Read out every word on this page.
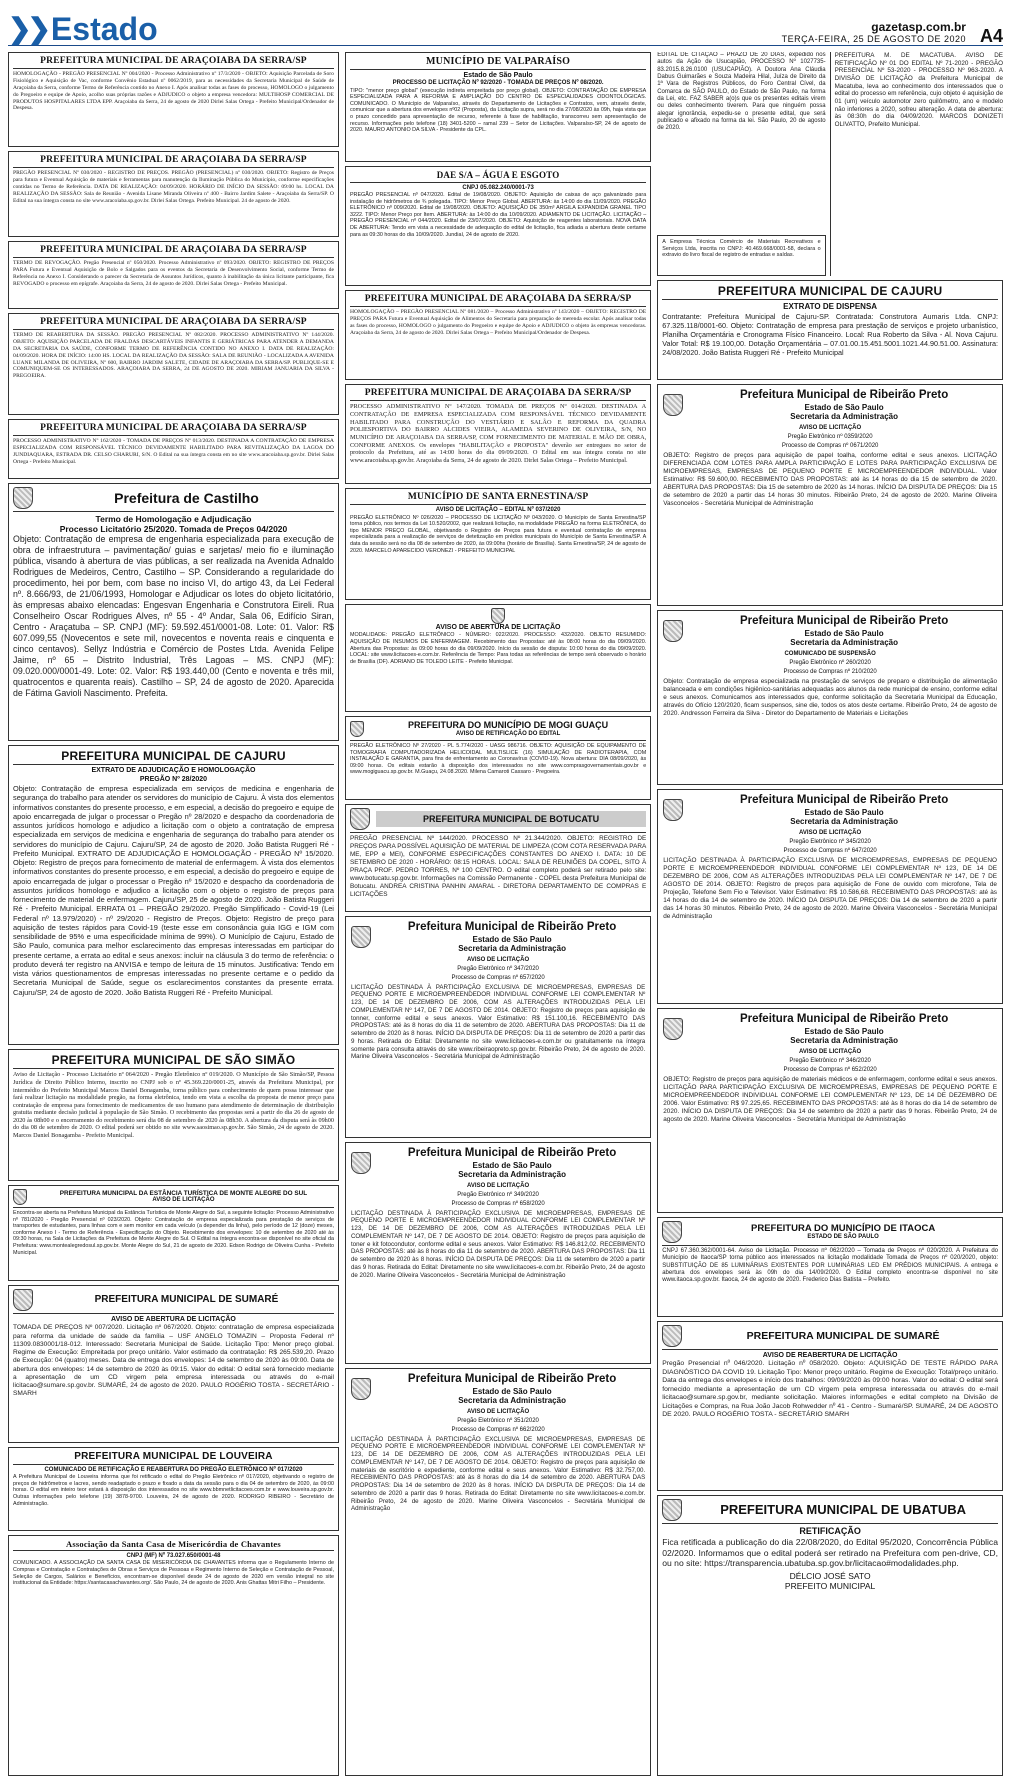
❯❯ Estado	gazetasp.com.br
TERÇA-FEIRA, 25 DE AGOSTO DE 2020 A4
PREFEITURA MUNICIPAL DE ARAÇOIABA DA SERRA/SP
HOMOLOGAÇÃO - PREGÃO PRESENCIAL Nº 004/2020 - Processo Administrativo nº 17/3/2020 - OBJETO: Aquisição Parcelada de Soro Fisiológico e Aquisição de Vac, conforme Convênio Estadual nº 0062/2019, para as necessidades da Secretaria Municipal de Saúde de Araçoiaba da Serra, conforme Termo de Referência contido no Anexo I. Após analisar todas as fases do processo, HOMOLOGO o julgamento do Pregoeiro e equipe de Apoio, acolho suas próprias razões e ADJUDICO o objeto a empresa vencedora: MULTIHOSP COMERCIAL DE PRODUTOS HOSPITALARES LTDA EPP. Araçoiaba da Serra, 24 de agosto de 2020 Dirlei Salas Ortega - Prefeito Municipal/Ordenador de Despesa.
PREFEITURA MUNICIPAL DE ARAÇOIABA DA SERRA/SP
PREGÃO PRESENCIAL Nº 030/2020 - REGISTRO DE PREÇOS. PREGÃO (PRESENCIAL) nº 030/2020. OBJETO: Registro de Preços para futura e Eventual Aquisição de materiais e ferramentas para manutenção da Iluminação Pública do Município, conforme especificações contidas no Termo de Referência. DATA DE REALIZAÇÃO: 04/09/2020. HORÁRIO DE INÍCIO DA SESSÃO: 09:00 hs. LOCAL DA REALIZAÇÃO DA SESSÃO: Sala de Reunião - Avenida Lisane Miranda Oliveira nº 400 - Bairro Jardim Salete - Araçoiaba da Serra/SP. O Edital na sua íntegra consta no site www.aracoiaba.sp.gov.br. Dirlei Salas Ortega. Prefeito Municipal. 24 de agosto de 2020.
PREFEITURA MUNICIPAL DE ARAÇOIABA DA SERRA/SP
TERMO DE REVOGAÇÃO. Pregão Presencial nº 050/2020. Processo Administrativo nº 093/2020. OBJETO: REGISTRO DE PREÇOS PARA Futura e Eventual Aquisição de Bolo e Salgados para os eventos da Secretaria de Desenvolvimento Social, conforme Termo de Referência no Anexo I. Considerando o parecer da Secretaria de Assuntos Jurídicos, quanto à inabilitação da única licitante participante, fica REVOGADO o processo em epígrafe. Araçoiaba da Serra, 24 de agosto de 2020. Dirlei Salas Ortega - Prefeito Municipal.
PREFEITURA MUNICIPAL DE ARAÇOIABA DA SERRA/SP
TERMO DE REABERTURA DA SESSÃO. PREGÃO PRESENCIAL Nº 082/2020. PROCESSO ADMINISTRATIVO Nº 144/2020. OBJETO: AQUISIÇÃO PARCELADA DE FRALDAS DESCARTÁVEIS INFANTIS E GERIÁTRICAS PARA ATENDER A DEMANDA DA SECRETARIA DA SAÚDE, CONFORME TERMO DE REFERÊNCIA CONTIDO NO ANEXO I. DATA DE REALIZAÇÃO: 04/09/2020. HORA DE INÍCIO: 14:00 HS. LOCAL DA REALIZAÇÃO DA SESSÃO: SALA DE REUNIÃO - LOCALIZADA A AVENIDA LUANE MILANDA DE OLIVEIRA, Nº 600, BAIRRO JARDIM SALETE, CIDADE DE ARAÇOIABA DA SERRA/SP. PUBLIQUE-SE E COMUNIQUEM-SE OS INTERESSADOS. ARAÇOIABA DA SERRA, 24 DE AGOSTO DE 2020. MIRIAM JANUARIA DA SILVA - PREGOEIRA.
PREFEITURA MUNICIPAL DE ARAÇOIABA DA SERRA/SP
PROCESSO ADMINISTRATIVO Nº 162/2020 - TOMADA DE PREÇOS Nº 013/2020. DESTINADA A CONTRATAÇÃO DE EMPRESA ESPECIALIZADA COM RESPONSÁVEL TÉCNICO DEVIDAMENTE HABILITADO PARA REVITALIZAÇÃO DA LAGOA DO JUNDIAQUARA, ESTRADA DR. CELSO CHARURI, S/N. O Edital na sua íntegra consta em no site www.aracoiaba.sp.gov.br. Dirlei Salas Ortega - Prefeito Municipal.
Prefeitura de Castilho
Termo de Homologação e Adjudicação
Processo Licitatório 25/2020. Tomada de Preços 04/2020
Objeto: Contratação de empresa de engenharia especializada para execução de obra de infraestrutura – pavimentação/ guias e sarjetas/ meio fio e iluminação pública, visando à abertura de vias públicas, a ser realizada na Avenida Adnaldo Rodrigues de Medeiros, Centro, Castilho – SP. Considerando a regularidade do procedimento, hei por bem, com base no inciso VI, do artigo 43, da Lei Federal nº. 8.666/93, de 21/06/1993, Homologar e Adjudicar os lotes do objeto licitatório, às empresas abaixo elencadas: Engesvan Engenharia e Construtora Eireli. Rua Conselheiro Oscar Rodrigues Alves, nº 55 - 4º Andar, Sala 06, Edifício Siran, Centro - Araçatuba – SP. CNPJ (MF): 59.592.451/0001-08. Lote: 01. Valor: R$ 607.099,55 (Novecentos e sete mil, novecentos e noventa reais e cinquenta e cinco centavos). Sellyz Indústria e Comércio de Postes Ltda. Avenida Felipe Jaime, nº 65 – Distrito Industrial, Três Lagoas – MS. CNPJ (MF): 09.020.000/0001-49. Lote: 02. Valor: R$ 193.440,00 (Cento e noventa e três mil, quatrocentos e quarenta reais). Castilho – SP, 24 de agosto de 2020. Aparecida de Fátima Gavioli Nascimento. Prefeita.
PREFEITURA MUNICIPAL DE CAJURU
EXTRATO DE ADJUDICAÇÃO E HOMOLOGAÇÃO
PREGÃO Nº 28/2020
Objeto: Contratação de empresa especializada em serviços de medicina e engenharia de segurança do trabalho para atender os servidores do município de Cajuru. À vista dos elementos informativos constantes do presente processo, e em especial, a decisão do pregoeiro e equipe de apoio encarregada de julgar o processar o Pregão nº 28/2020 e despacho da coordenadoria de assuntos jurídicos homologo e adjudico a licitação com o objeto a contratação de empresa especializada em serviços de medicina e engenharia de segurança do trabalho para atender os servidores do município de Cajuru. Cajuru/SP, 24 de agosto de 2020. João Batista Ruggeri Ré - Prefeito Municipal. EXTRATO DE ADJUDICAÇÃO E HOMOLOGAÇÃO - PREGÃO Nº 15/2020. Objeto: Registro de preços para fornecimento de material de enfermagem. À vista dos elementos informativos constantes do presente processo, e em especial, a decisão do pregoeiro e equipe de apoio encarregada de julgar o processar o Pregão nº 15/2020 e despacho da coordenadoria de assuntos jurídicos homologo e adjudico a licitação com o objeto o registro de preços para fornecimento de material de enfermagem. Cajuru/SP, 25 de agosto de 2020. João Batista Ruggeri Ré - Prefeito Municipal. ERRATA 01 – PREGÃO 29/2020. Pregão Simplificado - Covid-19 (Lei Federal nº 13.979/2020) - nº 29/2020 - Registro de Preços. Objeto: Registro de preço para aquisição de testes rápidos para Covid-19 (teste esse em consonância guia IGG e IGM com sensibilidade de 95% e uma especificidade mínima de 99%). O Município de Cajuru, Estado de São Paulo, comunica para melhor esclarecimento das empresas interessadas em participar do presente certame, a errata ao edital e seus anexos: incluir na cláusula 3 do termo de referência: o produto deverá ter registro na ANVISA e tempo de leitura de 15 minutos. Justificativa: Tendo em vista vários questionamentos de empresas interessadas no presente certame e o pedido da Secretaria Municipal de Saúde, segue os esclarecimentos constantes da presente errata. Cajuru/SP, 24 de agosto de 2020. João Batista Ruggeri Ré - Prefeito Municipal.
PREFEITURA MUNICIPAL DE SÃO SIMÃO
Aviso de Licitação - Processo Licitatório nº 064/2020 - Pregão Eletrônico nº 019/2020. O Município de São Simão/SP, Pessoa Jurídica de Direito Público Interno, inscrito no CNPJ sob o nº 45.369.220/0001-25, através da Prefeitura Municipal, por intermédio do Prefeito Municipal Marcos Daniel Bonagamba, torna público para conhecimento de quem possa interessar que fará realizar licitação na modalidade pregão, na forma eletrônica, tendo em vista a escolha da proposta de menor preço para contratação de empresa para fornecimento de medicamentos de uso humano para atendimento de determinação de distribuição gratuita mediante decisão judicial à população de São Simão. O recebimento das propostas será a partir do dia 26 de agosto de 2020 às 08h00 e o encerramento do recebimento será dia 08 de setembro de 2020 às 08h30. A abertura da disputa será às 09h00 do dia 08 de setembro de 2020. O edital poderá ser obtido no site www.saosimao.sp.gov.br. São Simão, 24 de agosto de 2020. Marcos Daniel Bonagamba - Prefeito Municipal.
PREFEITURA MUNICIPAL DA ESTÂNCIA TURÍSTICA DE MONTE ALEGRE DO SUL
AVISO DE LICITAÇÃO
Encontra-se aberta na Prefeitura Municipal da Estância Turística de Monte Alegre do Sul, a seguinte licitação: Processo Administrativo nº 781/2020 - Pregão Presencial nº 023/2020. Objeto: Contratação de empresa especializada para prestação de serviços de transportes de estudantes, para linhas com e sem monitor em cada veículo (a depender da linha), pelo período de 12 (doze) meses, conforme Anexo I - Termo de Referência - Especificação do Objeto. Recebimento dos envelopes: 10 de setembro de 2020 até às 09:30 horas, na Sala de Licitações da Prefeitura de Monte Alegre do Sul. O Edital na íntegra encontra-se disponível no site oficial da Prefeitura: www.montealegredosul.sp.gov.br. Monte Alegre do Sul, 21 de agosto de 2020. Edson Rodrigo de Oliveira Cunha - Prefeito Municipal.
PREFEITURA MUNICIPAL DE SUMARÉ
AVISO DE ABERTURA DE LICITAÇÃO
TOMADA DE PREÇOS Nº 007/2020. Licitação nº 067/2020. Objeto: contratação de empresa especializada para reforma da unidade de saúde da família – USF ANGELO TOMAZIN – Proposta Federal nº 11309.0830001/18-012. Interessado: Secretaria Municipal de Saúde. Licitação Tipo: Menor preço global. Regime de Execução: Empreitada por preço unitário. Valor estimado da contratação: R$ 265.539,20. Prazo de Execução: 04 (quatro) meses. Data de entrega dos envelopes: 14 de setembro de 2020 às 09:00. Data de abertura dos envelopes: 14 de setembro de 2020 às 09:15. Valor do edital: O edital será fornecido mediante a apresentação de um CD virgem pela empresa interessada ou através do e-mail licitacao@sumare.sp.gov.br. SUMARÉ, 24 de agosto de 2020. PAULO ROGÉRIO TOSTA - SECRETÁRIO - SMARH
PREFEITURA MUNICIPAL DE LOUVEIRA
COMUNICADO DE RETIFICAÇÃO E REABERTURA DO PREGÃO ELETRÔNICO Nº 017/2020
A Prefeitura Municipal de Louveira informa que foi retificado o edital do Pregão Eletrônico nº 017/2020, objetivando o registro de preços de hidrômetros e lacres, sendo readaptado o prazo e fixado a data da sessão para o dia 04 de setembro de 2020, às 09:00 horas. O edital em inteiro teor estará à disposição dos interessados no site www.bbmnetlicitacoes.com.br e www.louveira.sp.gov.br. Outras informações pelo telefone (19) 3878-9700. Louveira, 24 de agosto de 2020. RODRIGO RIBEIRO - Secretário de Administração.
Associação da Santa Casa de Misericórdia de Chavantes
CNPJ (MF) Nº 73.027.650/0001-48
COMUNICADO. A ASSOCIAÇÃO DA SANTA CASA DE MISERICÓRDIA DE CHAVANTES informa que o Regulamento Interno de Compras e Contratação e Contratações de Obras e Serviços de Pessoas e Regimento Interno de Seleção e Contratação de Pessoal, Seleção de Cargos, Salários e Benefícios, encontram-se disponível desde 24 de agosto de 2020 em versão integral no site institucional da Entidade: https://santacasachavantes.org/. São Paulo, 24 de agosto de 2020. Anis Ghattas Mitri Filho – Presidente.
MUNICÍPIO DE VALPARAÍSO
Estado de São Paulo
PROCESSO DE LICITAÇÃO Nº 92/2020 - TOMADA DE PREÇOS Nº 08/2020.
TIPO: "menor preço global" (execução indireta empreitada por preço global). OBJETO: CONTRATAÇÃO DE EMPRESA ESPECIALIZADA PARA A REFORMA E AMPLIAÇÃO DO CENTRO DE ESPECIALIDADES ODONTOLÓGICAS. COMUNICADO. O Município de Valparaíso, através do Departamento de Licitações e Contratos, vem, através deste, comunicar que a abertura dos envelopes nº02 (Proposta), da Licitação supra, será no dia 27/08/2020 às 09h, haja vista que o prazo concedido para apresentação de recurso, referente à fase de habilitação, transcorreu sem apresentação de recurso. Informações pelo telefone (18) 3401-5200 – ramal 239 – Setor de Licitações. Valparaíso-SP, 24 de agosto de 2020. MAURO ANTONIO DA SILVA - Presidente da CPL.
DAE S/A – ÁGUA E ESGOTO
CNPJ 05.082.240/0001-73
PREGÃO PRESENCIAL nº 047/2020. Edital de 19/08/2020. OBJETO: Aquisição de caixas de aço galvanizado para instalação de hidrômetros de ¾ polegada. TIPO: Menor Preço Global. ABERTURA: às 14:00 do dia 11/09/2020. PREGÃO ELETRÔNICO nº 009/2020. Edital de 19/08/2020. OBJETO: AQUISIÇÃO DE 350m³ ARGILA EXPANDIDA GRANEL TIPO 3222. TIPO: Menor Preço por Item. ABERTURA: às 14:00 do dia 10/09/2020. ADIAMENTO DE LICITAÇÃO. LICITAÇÃO – PREGÃO PRESENCIAL nº 044/2020. Edital de 23/07/2020. OBJETO: Aquisição de reagentes laboratoriais. NOVA DATA DE ABERTURA: Tendo em vista a necessidade de adequação do edital de licitação, fica adiada a abertura deste certame para as 09:30 horas do dia 10/09/2020. Jundiaí, 24 de agosto de 2020.
PREFEITURA MUNICIPAL DE ARAÇOIABA DA SERRA/SP
HOMOLOGAÇÃO – PREGÃO PRESENCIAL Nº 081/2020 – Processo Administrativo nº 143/2020 – OBJETO: REGISTRO DE PREÇOS PARA Futura e Eventual Aquisição de Alimentos do Secretaria para preparação de merenda escolar. Após analisar todas as fases do processo, HOMOLOGO o julgamento do Pregoeiro e equipe de Apoio e ADJUDICO o objeto às empresas vencedoras. Araçoiaba da Serra, 24 de agosto de 2020. Dirlei Salas Ortega – Prefeito Municipal/Ordenador de Despesa.
PREFEITURA MUNICIPAL DE ARAÇOIABA DA SERRA/SP
PROCESSO ADMINISTRATIVO Nº 147/2020. TOMADA DE PREÇOS Nº 014/2020. DESTINADA A CONTRATAÇÃO DE EMPRESA ESPECIALIZADA COM RESPONSÁVEL TÉCNICO DEVIDAMENTE HABILITADO PARA CONSTRUÇÃO DO VESTIÁRIO E SALÃO E REFORMA DA QUADRA POLIESPORTIVA DO BAIRRO ALCIDES VIEIRA, ALAMEDA SEVERINO DE OLIVEIRA, S/N, NO MUNICÍPIO DE ARAÇOIABA DA SERRA/SP, COM FORNECIMENTO DE MATERIAL E MÃO DE OBRA, CONFORME ANEXOS. Os envelopes "HABILITAÇÃO e PROPOSTA" deverão ser entregues no setor de protocolo da Prefeitura, até as 14:00 horas do dia 09/09/2020. O Edital em sua íntegra consta no site www.aracoiaba.sp.gov.br. Araçoiaba da Serra, 24 de agosto de 2020. Dirlei Salas Ortega – Prefeito Municipal.
MUNICÍPIO DE SANTA ERNESTINA/SP
AVISO DE LICITAÇÃO – EDITAL Nº 037/2020
PREGÃO ELETRÔNICO Nº 026/2020 – PROCESSO DE LICITAÇÃO Nº 043/2020. O Município de Santa Ernestina/SP torna público, nos termos da Lei 10.520/2002, que realizará licitação, na modalidade PREGÃO na forma ELETRÔNICA, do tipo MENOR PREÇO GLOBAL, objetivando o Registro de Preços para futura e eventual contratação de empresa especializada para a realização de serviços de detetização em prédios municipais do Município de Santa Ernestina/SP. A data da sessão será no dia 08 de setembro de 2020, às 09:00hs (horário de Brasília). Santa Ernestina/SP, 24 de agosto de 2020. MARCELO APARECIDO VERONEZI - PREFEITO MUNICIPAL
AVISO DE ABERTURA DE LICITAÇÃO
MODALIDADE: PREGÃO ELETRÔNICO - NÚMERO: 022/2020. PROCESSO: 432/2020. OBJETO RESUMIDO: AQUISIÇÃO DE INSUMOS DE ENFERMAGEM. Recebimento das Propostas: até às 08:00 horas do dia 09/09/2020. Abertura das Propostas: às 09:00 horas do dia 09/09/2020. Início da sessão de disputa: 10:00 horas do dia 09/09/2020. LOCAL: site www.licitacoes-e.com.br. Referência de Tempo: Para todas as referências de tempo será observado o horário de Brasília (DF). ADRIANO DE TOLEDO LEITE - Prefeito Municipal.
PREFEITURA DO MUNICÍPIO DE MOGI GUAÇU
AVISO DE RETIFICAÇÃO DO EDITAL
PREGÃO ELETRÔNICO Nº 27/2020 - PL 5.774/2020 - UASG 986716. OBJETO: AQUISIÇÃO DE EQUIPAMENTO DE TOMOGRAFIA COMPUTADORIZADA HELICOIDAL MULTISLICE (16) SIMULAÇÃO DE RADIOTERAPIA, COM INSTALAÇÃO E GARANTIA, para fins de enfrentamento ao Coronavírus (COVID-19). Nova abertura: DIA 08/09/2020, às 09:00 horas. Os editais estarão à disposição dos interessados no site www.comprasgovernamentais.gov.br e www.mogiguacu.sp.gov.br. M.Guaçu, 24.08.2020. Milena Camaroti Cassaro - Pregoeira.
PREFEITURA MUNICIPAL DE BOTUCATU
PREGÃO PRESENCIAL Nº 144/2020. PROCESSO Nº 21.344/2020. OBJETO: REGISTRO DE PREÇOS PARA POSSÍVEL AQUISIÇÃO DE MATERIAL DE LIMPEZA (COM COTA RESERVADA PARA ME, EPP e MEI), CONFORME ESPECIFICAÇÕES CONSTANTES DO ANEXO I. DATA: 10 DE SETEMBRO DE 2020 - HORÁRIO: 08:15 HORAS. LOCAL: SALA DE REUNIÕES DA COPEL, SITO À PRAÇA PROF. PEDRO TORRES, Nº 100 CENTRO. O edital completo poderá ser retirado pelo site: www.botucatu.sp.gov.br. Informações na Comissão Permanente - COPEL desta Prefeitura Municipal de Botucatu. ANDREA CRISTINA PANHIN AMARAL - DIRETORA DEPARTAMENTO DE COMPRAS E LICITAÇÕES
Prefeitura Municipal de Ribeirão Preto
Estado de São Paulo
Secretaria da Administração
AVISO DE LICITAÇÃO
Pregão Eletrônico nº 347/2020
Processo de Compras nº 657/2020
LICITAÇÃO DESTINADA À PARTICIPAÇÃO EXCLUSIVA DE MICROEMPRESAS, EMPRESAS DE PEQUENO PORTE E MICROEMPREENDEDOR INDIVIDUAL CONFORME LEI COMPLEMENTAR Nº 123, DE 14 DE DEZEMBRO DE 2006, COM AS ALTERAÇÕES INTRODUZIDAS PELA LEI COMPLEMENTAR Nº 147, DE 7 DE AGOSTO DE 2014. OBJETO: Registro de preços para aquisição de tonner, conforme edital e seus anexos. Valor Estimativo: R$ 151.100,16. RECEBIMENTO DAS PROPOSTAS: até às 8 horas do dia 11 de setembro de 2020. ABERTURA DAS PROPOSTAS: Dia 11 de setembro de 2020 às 8 horas. INÍCIO DA DISPUTA DE PREÇOS: Dia 11 de setembro de 2020 a partir das 9 horas. Retirada do Edital: Diretamente no site www.licitacoes-e.com.br ou gratuitamente na íntegra somente para consulta através do site www.ribeiraopreto.sp.gov.br. Ribeirão Preto, 24 de agosto de 2020. Marine Oliveira Vasconcelos - Secretária Municipal de Administração
Prefeitura Municipal de Ribeirão Preto
Estado de São Paulo
Secretaria da Administração
AVISO DE LICITAÇÃO
Pregão Eletrônico nº 349/2020
Processo de Compras nº 658/2020
LICITAÇÃO DESTINADA À PARTICIPAÇÃO EXCLUSIVA DE MICROEMPRESAS, EMPRESAS DE PEQUENO PORTE E MICROEMPREENDEDOR INDIVIDUAL CONFORME LEI COMPLEMENTAR Nº 123, DE 14 DE DEZEMBRO DE 2006, COM AS ALTERAÇÕES INTRODUZIDAS PELA LEI COMPLEMENTAR Nº 147, DE 7 DE AGOSTO DE 2014. OBJETO: Registro de preços para aquisição de toner e kit fotocondutor, conforme edital e seus anexos. Valor Estimativo: R$ 146.812,02. RECEBIMENTO DAS PROPOSTAS: até às 8 horas do dia 11 de setembro de 2020. ABERTURA DAS PROPOSTAS: Dia 11 de setembro de 2020 às 8 horas. INÍCIO DA DISPUTA DE PREÇOS: Dia 11 de setembro de 2020 a partir das 9 horas. Retirada do Edital: Diretamente no site www.licitacoes-e.com.br. Ribeirão Preto, 24 de agosto de 2020. Marine Oliveira Vasconcelos - Secretária Municipal de Administração
Prefeitura Municipal de Ribeirão Preto
Estado de São Paulo
Secretaria da Administração
AVISO DE LICITAÇÃO
Pregão Eletrônico nº 351/2020
Processo de Compras nº 662/2020
LICITAÇÃO DESTINADA À PARTICIPAÇÃO EXCLUSIVA DE MICROEMPRESAS, EMPRESAS DE PEQUENO PORTE E MICROEMPREENDEDOR INDIVIDUAL CONFORME LEI COMPLEMENTAR Nº 123, DE 14 DE DEZEMBRO DE 2006, COM AS ALTERAÇÕES INTRODUZIDAS PELA LEI COMPLEMENTAR Nº 147, DE 7 DE AGOSTO DE 2014. OBJETO: Registro de preços para aquisição de materiais de escritório e expediente, conforme edital e seus anexos. Valor Estimativo: R$ 32.757,00. RECEBIMENTO DAS PROPOSTAS: até às 8 horas do dia 14 de setembro de 2020. ABERTURA DAS PROPOSTAS: Dia 14 de setembro de 2020 às 8 horas. INÍCIO DA DISPUTA DE PREÇOS: Dia 14 de setembro de 2020 a partir das 9 horas. Retirada do Edital: Diretamente no site www.licitacoes-e.com.br. Ribeirão Preto, 24 de agosto de 2020. Marine Oliveira Vasconcelos - Secretária Municipal de Administração
EDITAL DE CITAÇÃO – PRAZO DE 20 DIAS, expedido nos autos da Ação de Usucapião, PROCESSO Nº 1027735-83.2015.8.26.0100 (USUCAPIÃO). A Doutora Ana Cláudia Dabus Guimarães e Souza Madeira Hilal, Juíza de Direito da 1ª Vara de Registros Públicos, do Foro Central Cível, da Comarca de SÃO PAULO, do Estado de São Paulo, na forma da Lei, etc. FAZ SABER a(o)s que os presentes editais virem ou deles conhecimento tiverem. Para que ninguém possa alegar ignorância, expediu-se o presente edital, que será publicado e afixado na forma da lei. São Paulo, 20 de agosto de 2020.
A Empresa Técnica Comércio de Materiais Recreativos e Serviços Ltda, inscrita no CNPJ: 40.469.668/0001-58, declara o extravio do livro fiscal de registro de entradas e saídas.
PREFEITURA M. DE MACATUBA. AVISO DE RETIFICAÇÃO Nº 01 DO EDITAL Nº 71-2020 - PREGÃO PRESENCIAL Nº 53-2020 - PROCESSO Nº 963-2020. A DIVISÃO DE LICITAÇÃO da Prefeitura Municipal de Macatuba, leva ao conhecimento dos interessados que o edital do processo em referência, cujo objeto é aquisição de 01 (um) veículo automotor zero quilômetro, ano e modelo não inferiores a 2020, sofreu alteração. A data de abertura: às 08:30h do dia 04/09/2020. MARCOS DONIZETI OLIVATTO, Prefeito Municipal.
PREFEITURA MUNICIPAL DE CAJURU
EXTRATO DE DISPENSA
Contratante: Prefeitura Municipal de Cajuru-SP. Contratada: Construtora Aumaris Ltda. CNPJ: 67.325.118/0001-60. Objeto: Contratação de empresa para prestação de serviços e projeto urbanístico, Planilha Orçamentária e Cronograma Físico Financeiro. Local: Rua Roberto da Silva - Al. Nova Cajuru. Valor Total: R$ 19.100,00. Dotação Orçamentária – 07.01.00.15.451.5001.1021.44.90.51.00. Assinatura: 24/08/2020. João Batista Ruggeri Ré - Prefeito Municipal
Prefeitura Municipal de Ribeirão Preto
Estado de São Paulo
Secretaria da Administração
AVISO DE LICITAÇÃO
Pregão Eletrônico nº 0359/2020
Processo de Compras nº 0671/2020
OBJETO: Registro de preços para aquisição de papel toalha, conforme edital e seus anexos. LICITAÇÃO DIFERENCIADA COM LOTES PARA AMPLA PARTICIPAÇÃO E LOTES PARA PARTICIPAÇÃO EXCLUSIVA DE MICROEMPRESAS, EMPRESAS DE PEQUENO PORTE E MICROEMPREENDEDOR INDIVIDUAL. Valor Estimativo: R$ 59.600,00. RECEBIMENTO DAS PROPOSTAS: até às 14 horas do dia 15 de setembro de 2020. ABERTURA DAS PROPOSTAS: Dia 15 de setembro de 2020 às 14 horas. INÍCIO DA DISPUTA DE PREÇOS: Dia 15 de setembro de 2020 a partir das 14 horas 30 minutos. Ribeirão Preto, 24 de agosto de 2020. Marine Oliveira Vasconcelos - Secretária Municipal de Administração
Prefeitura Municipal de Ribeirão Preto
Estado de São Paulo
Secretaria da Administração
COMUNICADO DE SUSPENSÃO
Pregão Eletrônico nº 260/2020
Processo de Compras nº 210/2020
Objeto: Contratação de empresa especializada na prestação de serviços de preparo e distribuição de alimentação balanceada e em condições higiênico-sanitárias adequadas aos alunos da rede municipal de ensino, conforme edital e seus anexos. Comunicamos aos interessados que, conforme solicitação da Secretaria Municipal da Educação, através do Ofício 120/2020, ficam suspensos, sine die, todos os atos deste certame. Ribeirão Preto, 24 de agosto de 2020. Andresson Ferreira da Silva - Diretor do Departamento de Materiais e Licitações
Prefeitura Municipal de Ribeirão Preto
Estado de São Paulo
Secretaria da Administração
AVISO DE LICITAÇÃO
Pregão Eletrônico nº 345/2020
Processo de Compras nº 647/2020
LICITAÇÃO DESTINADA À PARTICIPAÇÃO EXCLUSIVA DE MICROEMPRESAS, EMPRESAS DE PEQUENO PORTE E MICROEMPREENDEDOR INDIVIDUAL CONFORME LEI COMPLEMENTAR Nº 123, DE 14 DE DEZEMBRO DE 2006, COM AS ALTERAÇÕES INTRODUZIDAS PELA LEI COMPLEMENTAR Nº 147, DE 7 DE AGOSTO DE 2014. OBJETO: Registro de preços para aquisição de Fone de ouvido com microfone, Tela de Projeção, Telefone Sem Fio e Televisor. Valor Estimativo: R$ 10.586,68. RECEBIMENTO DAS PROPOSTAS: até às 14 horas do dia 14 de setembro de 2020. INÍCIO DA DISPUTA DE PREÇOS: Dia 14 de setembro de 2020 a partir das 14 horas 30 minutos. Ribeirão Preto, 24 de agosto de 2020. Marine Oliveira Vasconcelos - Secretária Municipal de Administração
Prefeitura Municipal de Ribeirão Preto
Estado de São Paulo
Secretaria da Administração
AVISO DE LICITAÇÃO
Pregão Eletrônico nº 346/2020
Processo de Compras nº 652/2020
OBJETO: Registro de preços para aquisição de materiais médicos e de enfermagem, conforme edital e seus anexos. LICITAÇÃO PARA PARTICIPAÇÃO EXCLUSIVA DE MICROEMPRESAS, EMPRESAS DE PEQUENO PORTE E MICROEMPREENDEDOR INDIVIDUAL CONFORME LEI COMPLEMENTAR Nº 123, DE 14 DE DEZEMBRO DE 2006. Valor Estimativo: R$ 97.225,65. RECEBIMENTO DAS PROPOSTAS: até às 8 horas do dia 14 de setembro de 2020. INÍCIO DA DISPUTA DE PREÇOS: Dia 14 de setembro de 2020 a partir das 9 horas. Ribeirão Preto, 24 de agosto de 2020. Marine Oliveira Vasconcelos - Secretária Municipal de Administração
PREFEITURA DO MUNICÍPIO DE ITAOCA
ESTADO DE SÃO PAULO
CNPJ 67.360.362/0001-64. Aviso de Licitação. Processo nº 062/2020 – Tomada de Preços nº 020/2020. A Prefeitura do Município de Itaoca/SP torna público aos interessados na licitação modalidade Tomada de Preços nº 020/2020, objeto: SUBSTITUIÇÃO DE 85 LUMINÁRIAS EXISTENTES POR LUMINÁRIAS LED EM PRÉDIOS MUNICIPAIS. A entrega e abertura dos envelopes será às 09h do dia 14/09/2020. O Edital completo encontra-se disponível no site www.itaoca.sp.gov.br. Itaoca, 24 de agosto de 2020. Frederico Dias Batista – Prefeito.
PREFEITURA MUNICIPAL DE SUMARÉ
AVISO DE REABERTURA DE LICITAÇÃO
Pregão Presencial nº 046/2020. Licitação nº 058/2020. Objeto: AQUISIÇÃO DE TESTE RÁPIDO PARA DIAGNÓSTICO DA COVID 19. Licitação Tipo: Menor preço unitário. Regime de Execução: Total/preço unitário. Data da entrega dos envelopes e início dos trabalhos: 09/09/2020 às 09:00 horas. Valor do edital: O edital será fornecido mediante a apresentação de um CD virgem pela empresa interessada ou através do e-mail licitacao@sumare.sp.gov.br, mediante solicitação. Maiores informações e edital completo na Divisão de Licitações e Compras, na Rua João Jacob Rohwedder nº 41 - Centro - Sumaré/SP. SUMARÉ, 24 DE AGOSTO DE 2020. PAULO ROGÉRIO TOSTA - SECRETÁRIO SMARH
PREFEITURA MUNICIPAL DE UBATUBA
RETIFICAÇÃO
Fica retificada a publicação do dia 22/08/2020, do Edital 95/2020, Concorrência Pública 02/2020. Informamos que o edital poderá ser retirado na Prefeitura com pen-drive, CD, ou no site: https://transparencia.ubatuba.sp.gov.br/licitacao#modalidades.php.
DÉLCIO JOSÉ SATO
PREFEITO MUNICIPAL
